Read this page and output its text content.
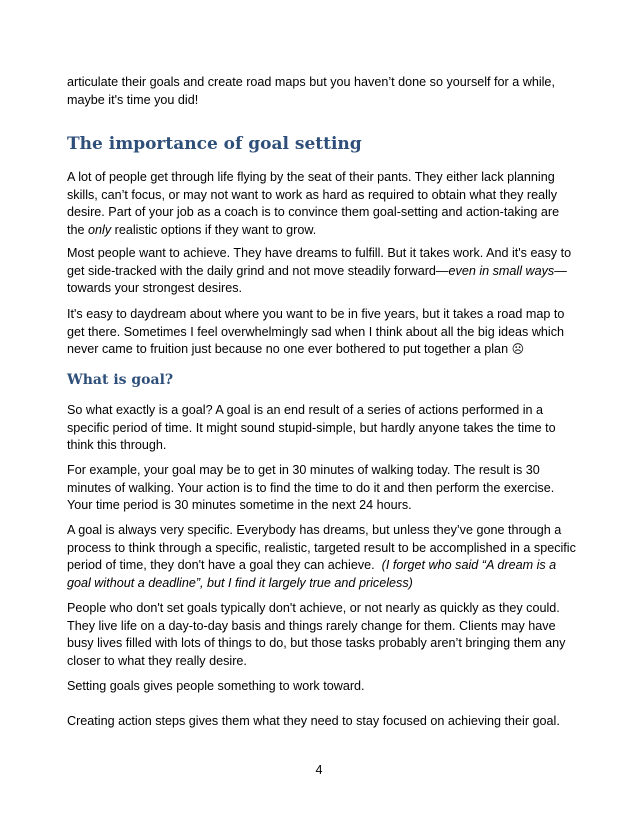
articulate their goals and create road maps but you haven’t done so yourself for a while, maybe it's time you did!

The importance of goal setting

A lot of people get through life flying by the seat of their pants. They either lack planning skills, can’t focus, or may not want to work as hard as required to obtain what they really desire. Part of your job as a coach is to convince them goal-setting and action-taking are the only realistic options if they want to grow.

Most people want to achieve. They have dreams to fulfill. But it takes work. And it's easy to get side-tracked with the daily grind and not move steadily forward—even in small ways—towards your strongest desires.

It's easy to daydream about where you want to be in five years, but it takes a road map to get there. Sometimes I feel overwhelmingly sad when I think about all the big ideas which never came to fruition just because no one ever bothered to put together a plan ☹

What is goal?

So what exactly is a goal? A goal is an end result of a series of actions performed in a specific period of time. It might sound stupid-simple, but hardly anyone takes the time to think this through.

For example, your goal may be to get in 30 minutes of walking today. The result is 30 minutes of walking. Your action is to find the time to do it and then perform the exercise. Your time period is 30 minutes sometime in the next 24 hours.

A goal is always very specific. Everybody has dreams, but unless they’ve gone through a process to think through a specific, realistic, targeted result to be accomplished in a specific period of time, they don't have a goal they can achieve. (I forget who said “A dream is a goal without a deadline”, but I find it largely true and priceless)

People who don't set goals typically don't achieve, or not nearly as quickly as they could. They live life on a day-to-day basis and things rarely change for them. Clients may have busy lives filled with lots of things to do, but those tasks probably aren’t bringing them any closer to what they really desire.

Setting goals gives people something to work toward.

Creating action steps gives them what they need to stay focused on achieving their goal.

4
